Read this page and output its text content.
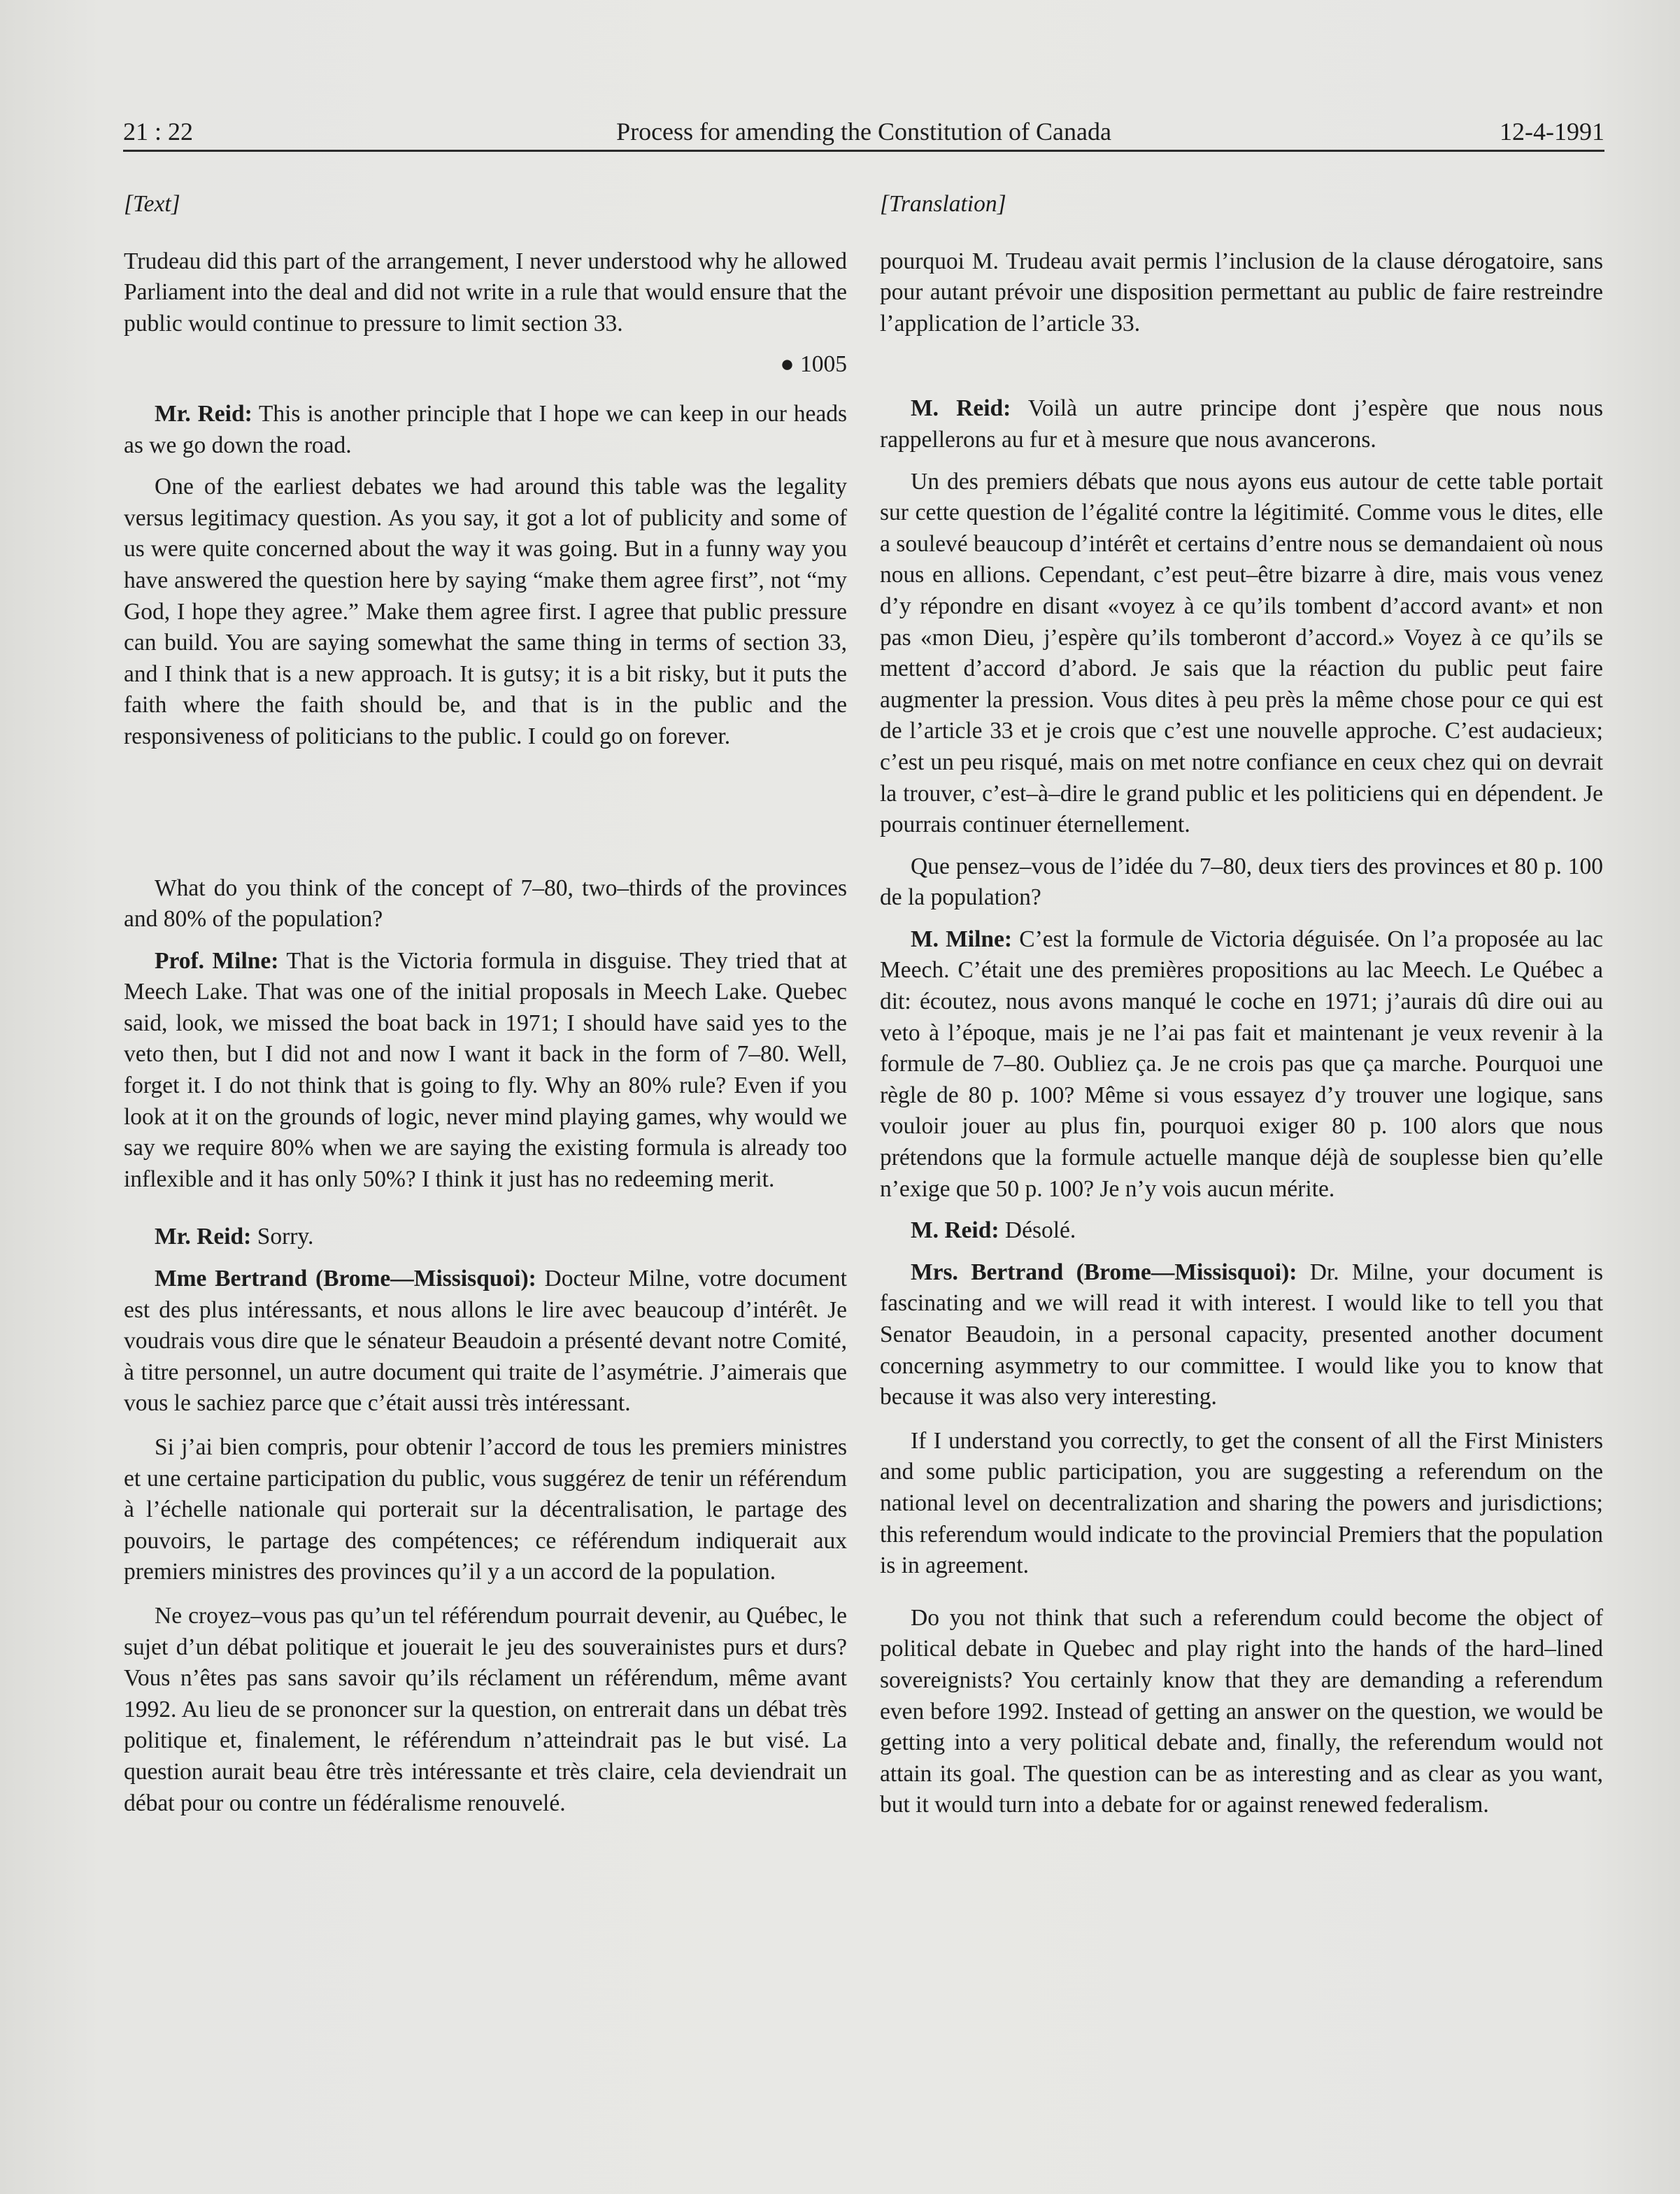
Process for amending the Constitution of Canada
21 : 22	12-4-1991

[Text]

Trudeau did this part of the arrangement, I never understood why he allowed Parliament into the deal and did not write in a rule that would ensure that the public would continue to pressure to limit section 33.

● 1005

Mr. Reid: This is another principle that I hope we can keep in our heads as we go down the road.

One of the earliest debates we had around this table was the legality versus legitimacy question. As you say, it got a lot of publicity and some of us were quite concerned about the way it was going. But in a funny way you have answered the question here by saying “make them agree first”, not “my God, I hope they agree.” Make them agree first. I agree that public pressure can build. You are saying somewhat the same thing in terms of section 33, and I think that is a new approach. It is gutsy; it is a bit risky, but it puts the faith where the faith should be, and that is in the public and the responsiveness of politicians to the public. I could go on forever.

What do you think of the concept of 7–80, two–thirds of the provinces and 80% of the population?

Prof. Milne: That is the Victoria formula in disguise. They tried that at Meech Lake. That was one of the initial proposals in Meech Lake. Quebec said, look, we missed the boat back in 1971; I should have said yes to the veto then, but I did not and now I want it back in the form of 7–80. Well, forget it. I do not think that is going to fly. Why an 80% rule? Even if you look at it on the grounds of logic, never mind playing games, why would we say we require 80% when we are saying the existing formula is already too inflexible and it has only 50%? I think it just has no redeeming merit.

Mr. Reid: Sorry.

Mme Bertrand (Brome—Missisquoi): Docteur Milne, votre document est des plus intéressants, et nous allons le lire avec beaucoup d’intérêt. Je voudrais vous dire que le sénateur Beaudoin a présenté devant notre Comité, à titre personnel, un autre document qui traite de l’asymétrie. J’aimerais que vous le sachiez parce que c’était aussi très intéressant.

Si j’ai bien compris, pour obtenir l’accord de tous les premiers ministres et une certaine participation du public, vous suggérez de tenir un référendum à l’échelle nationale qui porterait sur la décentralisation, le partage des pouvoirs, le partage des compétences; ce référendum indiquerait aux premiers ministres des provinces qu’il y a un accord de la population.

Ne croyez–vous pas qu’un tel référendum pourrait devenir, au Québec, le sujet d’un débat politique et jouerait le jeu des souverainistes purs et durs? Vous n’êtes pas sans savoir qu’ils réclament un référendum, même avant 1992. Au lieu de se prononcer sur la question, on entrerait dans un débat très politique et, finalement, le référendum n’atteindrait pas le but visé. La question aurait beau être très intéressante et très claire, cela deviendrait un débat pour ou contre un fédéralisme renouvelé.

[Translation]

pourquoi M. Trudeau avait permis l’inclusion de la clause dérogatoire, sans pour autant prévoir une disposition permettant au public de faire restreindre l’application de l’article 33.

M. Reid: Voilà un autre principe dont j’espère que nous nous rappellerons au fur et à mesure que nous avancerons.

Un des premiers débats que nous ayons eus autour de cette table portait sur cette question de l’égalité contre la légitimité. Comme vous le dites, elle a soulevé beaucoup d’intérêt et certains d’entre nous se demandaient où nous nous en allions. Cependant, c’est peut–être bizarre à dire, mais vous venez d’y répondre en disant «voyez à ce qu’ils tombent d’accord avant» et non pas «mon Dieu, j’espère qu’ils tomberont d’accord.» Voyez à ce qu’ils se mettent d’accord d’abord. Je sais que la réaction du public peut faire augmenter la pression. Vous dites à peu près la même chose pour ce qui est de l’article 33 et je crois que c’est une nouvelle approche. C’est audacieux; c’est un peu risqué, mais on met notre confiance en ceux chez qui on devrait la trouver, c’est–à–dire le grand public et les politiciens qui en dépendent. Je pourrais continuer éternellement.

Que pensez–vous de l’idée du 7–80, deux tiers des provinces et 80 p. 100 de la population?

M. Milne: C’est la formule de Victoria déguisée. On l’a proposée au lac Meech. C’était une des premières propositions au lac Meech. Le Québec a dit: écoutez, nous avons manqué le coche en 1971; j’aurais dû dire oui au veto à l’époque, mais je ne l’ai pas fait et maintenant je veux revenir à la formule de 7–80. Oubliez ça. Je ne crois pas que ça marche. Pourquoi une règle de 80 p. 100? Même si vous essayez d’y trouver une logique, sans vouloir jouer au plus fin, pourquoi exiger 80 p. 100 alors que nous prétendons que la formule actuelle manque déjà de souplesse bien qu’elle n’exige que 50 p. 100? Je n’y vois aucun mérite.

M. Reid: Désolé.

Mrs. Bertrand (Brome—Missisquoi): Dr. Milne, your document is fascinating and we will read it with interest. I would like to tell you that Senator Beaudoin, in a personal capacity, presented another document concerning asymmetry to our committee. I would like you to know that because it was also very interesting.

If I understand you correctly, to get the consent of all the First Ministers and some public participation, you are suggesting a referendum on the national level on decentralization and sharing the powers and jurisdictions; this referendum would indicate to the provincial Premiers that the population is in agreement.

Do you not think that such a referendum could become the object of political debate in Quebec and play right into the hands of the hard–lined sovereignists? You certainly know that they are demanding a referendum even before 1992. Instead of getting an answer on the question, we would be getting into a very political debate and, finally, the referendum would not attain its goal. The question can be as interesting and as clear as you want, but it would turn into a debate for or against renewed federalism.
